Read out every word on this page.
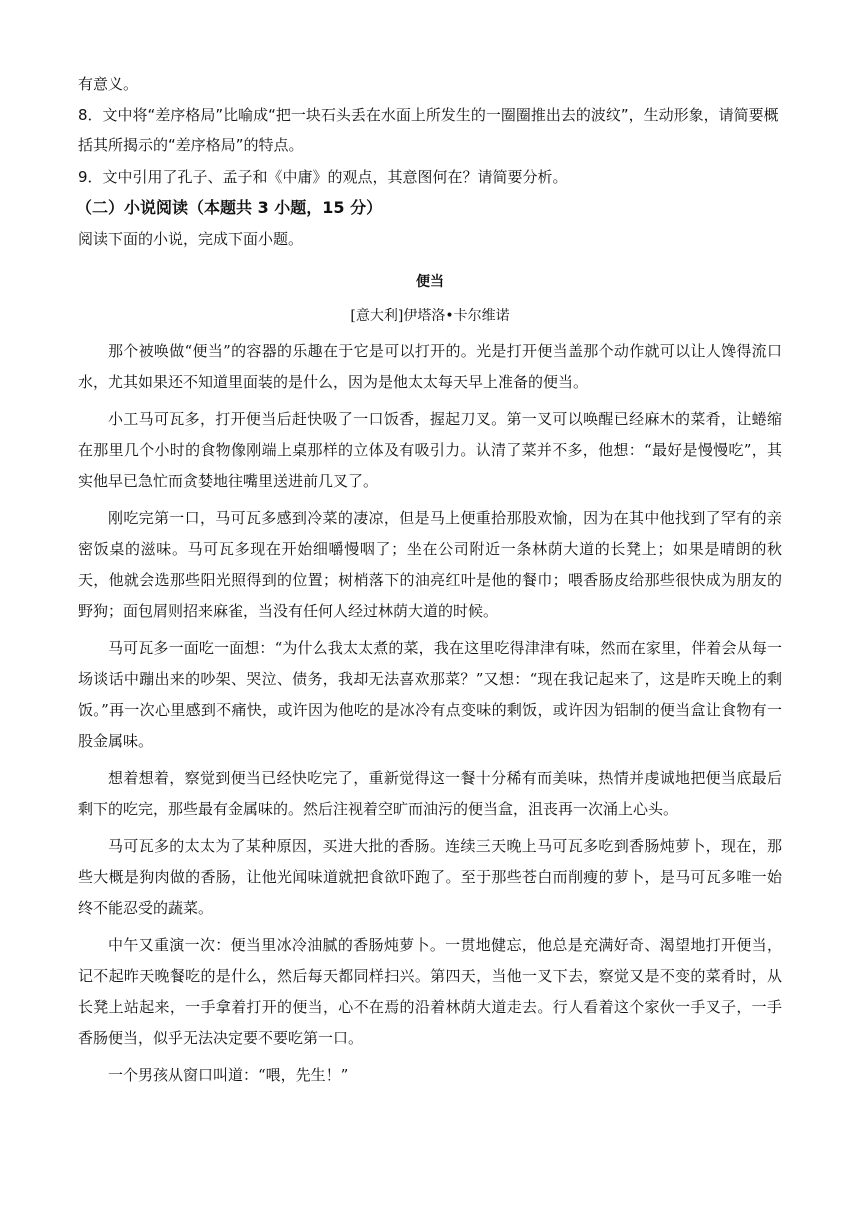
有意义。

8．文中将“差序格局”比喻成“把一块石头丢在水面上所发生的一圈圈推出去的波纹”，生动形象，请简要概括其所揭示的“差序格局”的特点。

9．文中引用了孔子、孟子和《中庸》的观点，其意图何在？请简要分析。

（二）小说阅读（本题共 3 小题，15 分）

阅读下面的小说，完成下面小题。

便当
[意大利]伊塔洛•卡尔维诺

那个被唤做“便当”的容器的乐趣在于它是可以打开的。光是打开便当盖那个动作就可以让人馋得流口水，尤其如果还不知道里面装的是什么，因为是他太太每天早上准备的便当。

小工马可瓦多，打开便当后赶快吸了一口饭香，握起刀叉。第一叉可以唤醒已经麻木的菜肴，让蜷缩在那里几个小时的食物像刚端上桌那样的立体及有吸引力。认清了菜并不多，他想：“最好是慢慢吃”，其实他早已急忙而贪婪地往嘴里送进前几叉了。

刚吃完第一口，马可瓦多感到冷菜的凄凉，但是马上便重拾那股欢愉，因为在其中他找到了罕有的亲密饭桌的滋味。马可瓦多现在开始细嚼慢咽了；坐在公司附近一条林荫大道的长凳上；如果是晴朗的秋天，他就会选那些阳光照得到的位置；树梢落下的油亮红叶是他的餐巾；喂香肠皮给那些很快成为朋友的野狗；面包屑则招来麻雀，当没有任何人经过林荫大道的时候。

马可瓦多一面吃一面想：“为什么我太太煮的菜，我在这里吃得津津有味，然而在家里，伴着会从每一场谈话中蹦出来的吵架、哭泣、债务，我却无法喜欢那菜？”又想：“现在我记起来了，这是昨天晚上的剩饭。”再一次心里感到不痛快，或许因为他吃的是冰冷有点变味的剩饭，或许因为铝制的便当盒让食物有一股金属味。

想着想着，察觉到便当已经快吃完了，重新觉得这一餐十分稀有而美味，热情并虔诚地把便当底最后剩下的吃完，那些最有金属味的。然后注视着空旷而油污的便当盒，沮丧再一次涌上心头。

马可瓦多的太太为了某种原因，买进大批的香肠。连续三天晚上马可瓦多吃到香肠炖萝卜，现在，那些大概是狗肉做的香肠，让他光闻味道就把食欲吓跑了。至于那些苍白而削瘦的萝卜，是马可瓦多唯一始终不能忍受的蔬菜。

中午又重演一次：便当里冰冷油腻的香肠炖萝卜。一贯地健忘，他总是充满好奇、渴望地打开便当，记不起昨天晚餐吃的是什么，然后每天都同样扫兴。第四天，当他一叉下去，察觉又是不变的菜肴时，从长凳上站起来，一手拿着打开的便当，心不在焉的沿着林荫大道走去。行人看着这个家伙一手叉子，一手香肠便当，似乎无法决定要不要吃第一口。

一个男孩从窗口叫道：“喂，先生！”
